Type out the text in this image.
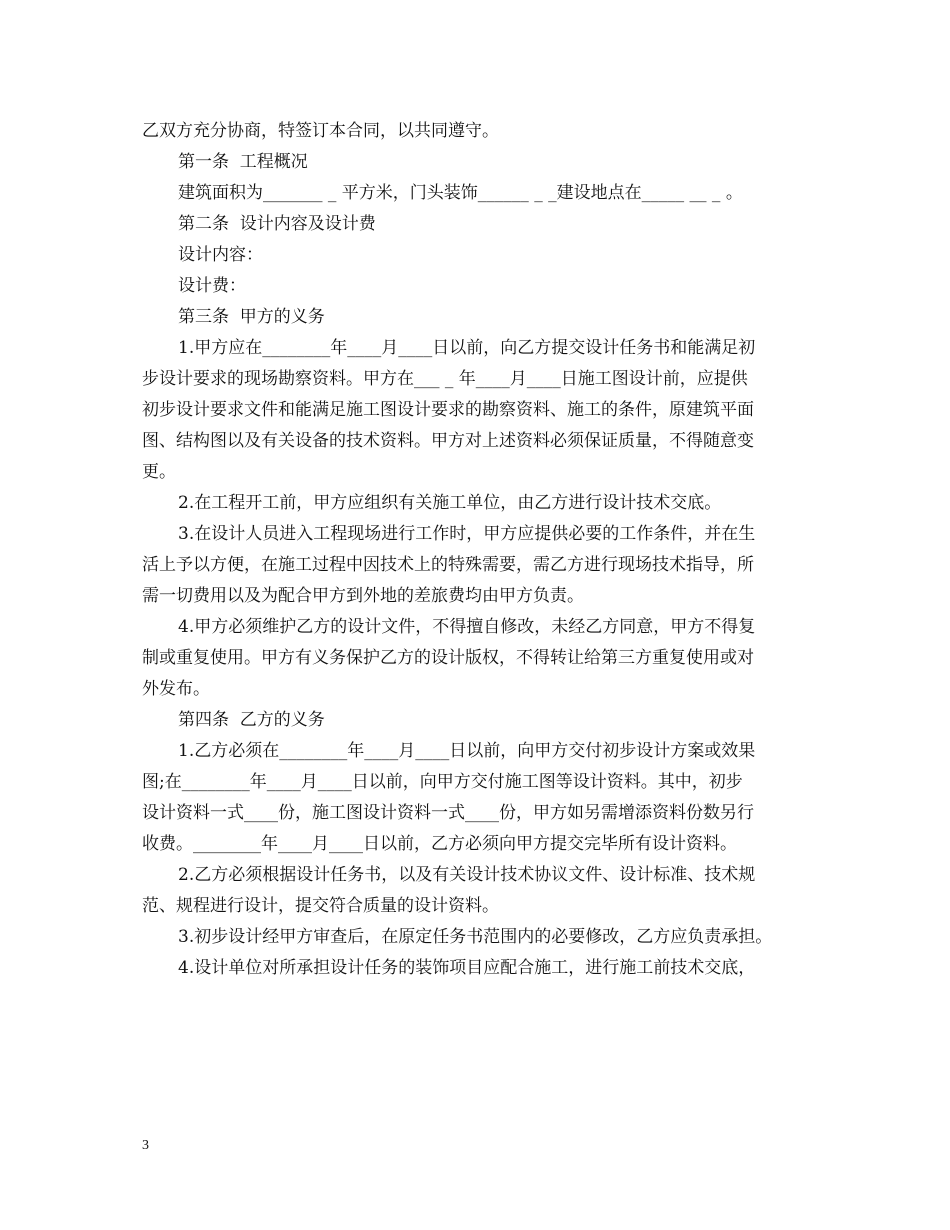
乙双方充分协商，特签订本合同，以共同遵守。

第一条  工程概况

建筑面积为_______ _ 平方米，门头装饰______ _ _建设地点在_____ __ _ 。

第二条  设计内容及设计费

设计内容：

设计费：

第三条  甲方的义务

1.甲方应在________年____月____日以前，向乙方提交设计任务书和能满足初

步设计要求的现场勘察资料。甲方在___ _ 年____月____日施工图设计前，应提供

初步设计要求文件和能满足施工图设计要求的勘察资料、施工的条件，原建筑平面

图、结构图以及有关设备的技术资料。甲方对上述资料必须保证质量，不得随意变

更。

2.在工程开工前，甲方应组织有关施工单位，由乙方进行设计技术交底。

3.在设计人员进入工程现场进行工作时，甲方应提供必要的工作条件，并在生

活上予以方便，在施工过程中因技术上的特殊需要，需乙方进行现场技术指导，所

需一切费用以及为配合甲方到外地的差旅费均由甲方负责。

4.甲方必须维护乙方的设计文件，不得擅自修改，未经乙方同意，甲方不得复

制或重复使用。甲方有义务保护乙方的设计版权，不得转让给第三方重复使用或对

外发布。

第四条  乙方的义务

1.乙方必须在________年____月____日以前，向甲方交付初步设计方案或效果

图;在________年____月____日以前，向甲方交付施工图等设计资料。其中，初步

设计资料一式____份，施工图设计资料一式____份，甲方如另需增添资料份数另行

收费。________年____月____日以前，乙方必须向甲方提交完毕所有设计资料。

2.乙方必须根据设计任务书，以及有关设计技术协议文件、设计标准、技术规

范、规程进行设计，提交符合质量的设计资料。

3.初步设计经甲方审查后，在原定任务书范围内的必要修改，乙方应负责承担。

4.设计单位对所承担设计任务的装饰项目应配合施工，进行施工前技术交底，

3
